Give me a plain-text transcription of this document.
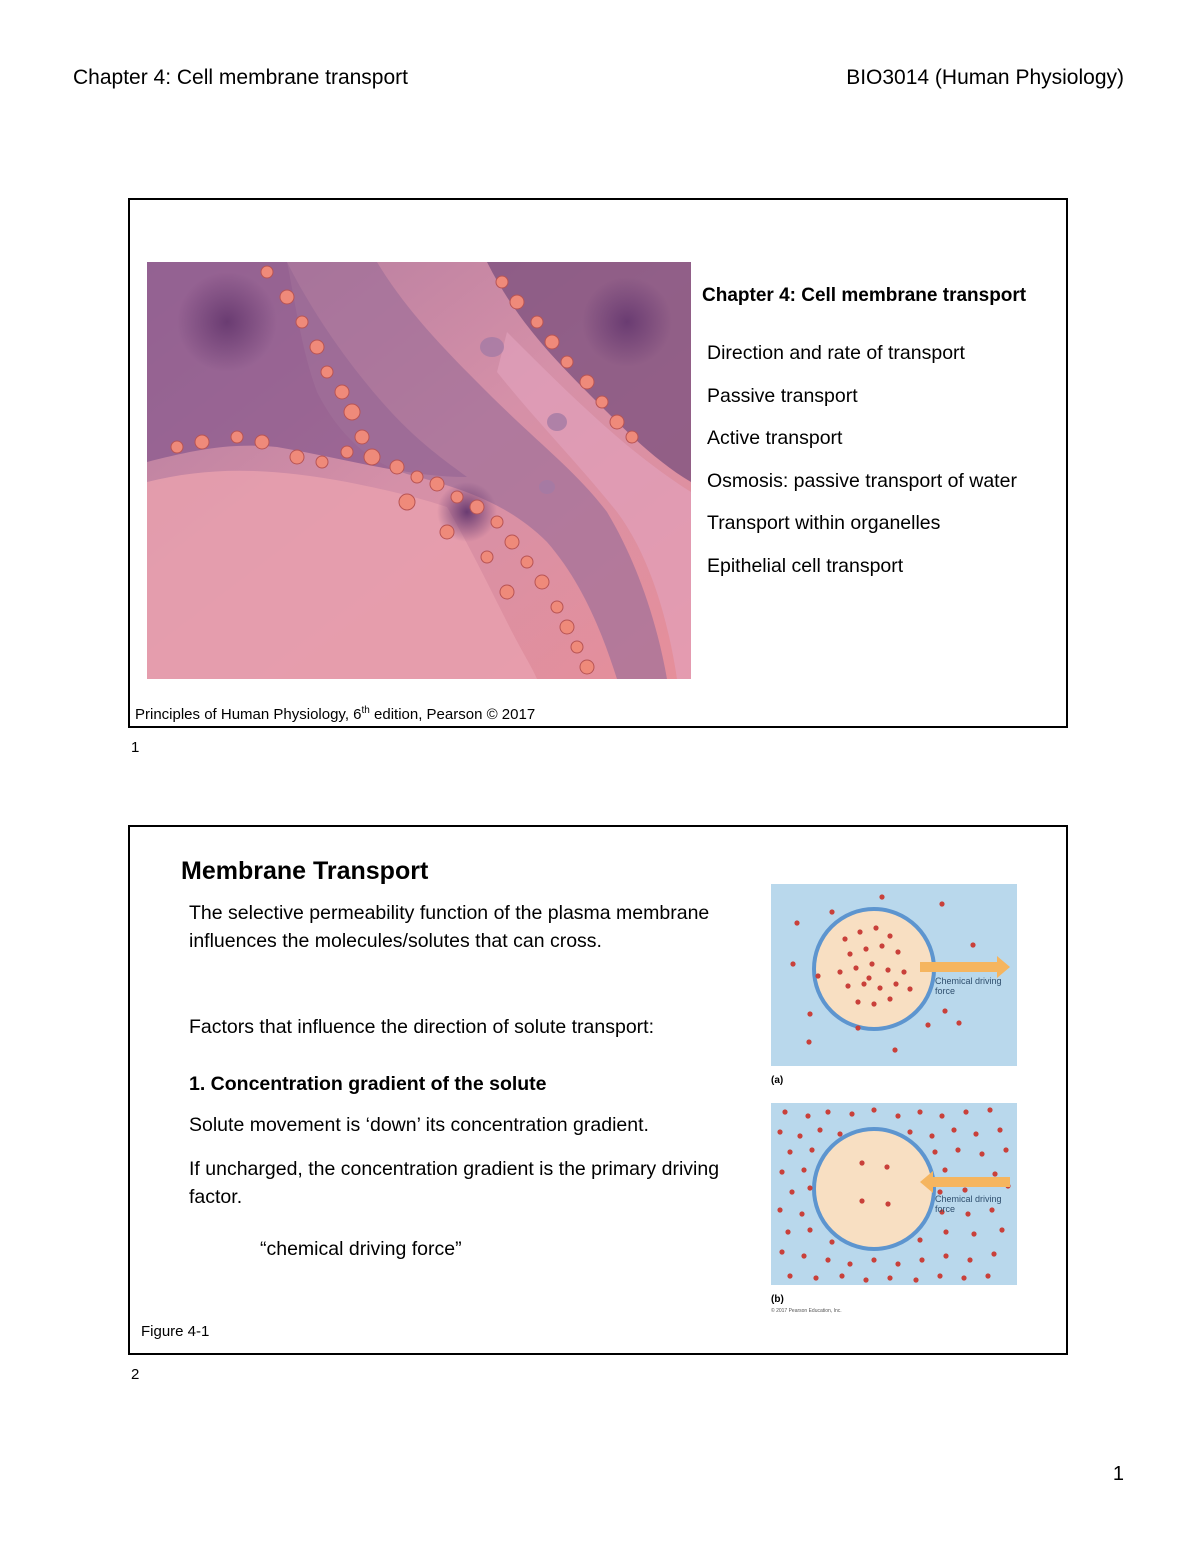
Chapter 4: Cell membrane transport	BIO3014 (Human Physiology)
Chapter 4: Cell membrane transport
Direction and rate of transport
Passive transport
Active transport
Osmosis: passive transport of water
Transport within organelles
Epithelial cell transport
Principles of Human Physiology, 6th edition, Pearson © 2017
1
Membrane Transport
The selective permeability function of the plasma membrane influences the molecules/solutes that can cross.
Factors that influence the direction of solute transport:
1. Concentration gradient of the solute
Solute movement is ‘down’ its concentration gradient.
If uncharged, the concentration gradient is the primary driving factor.
“chemical driving force”
Figure 4-1
Chemical driving
force
(a)
Chemical driving
force
(b)
© 2017 Pearson Education, Inc.
2
1
